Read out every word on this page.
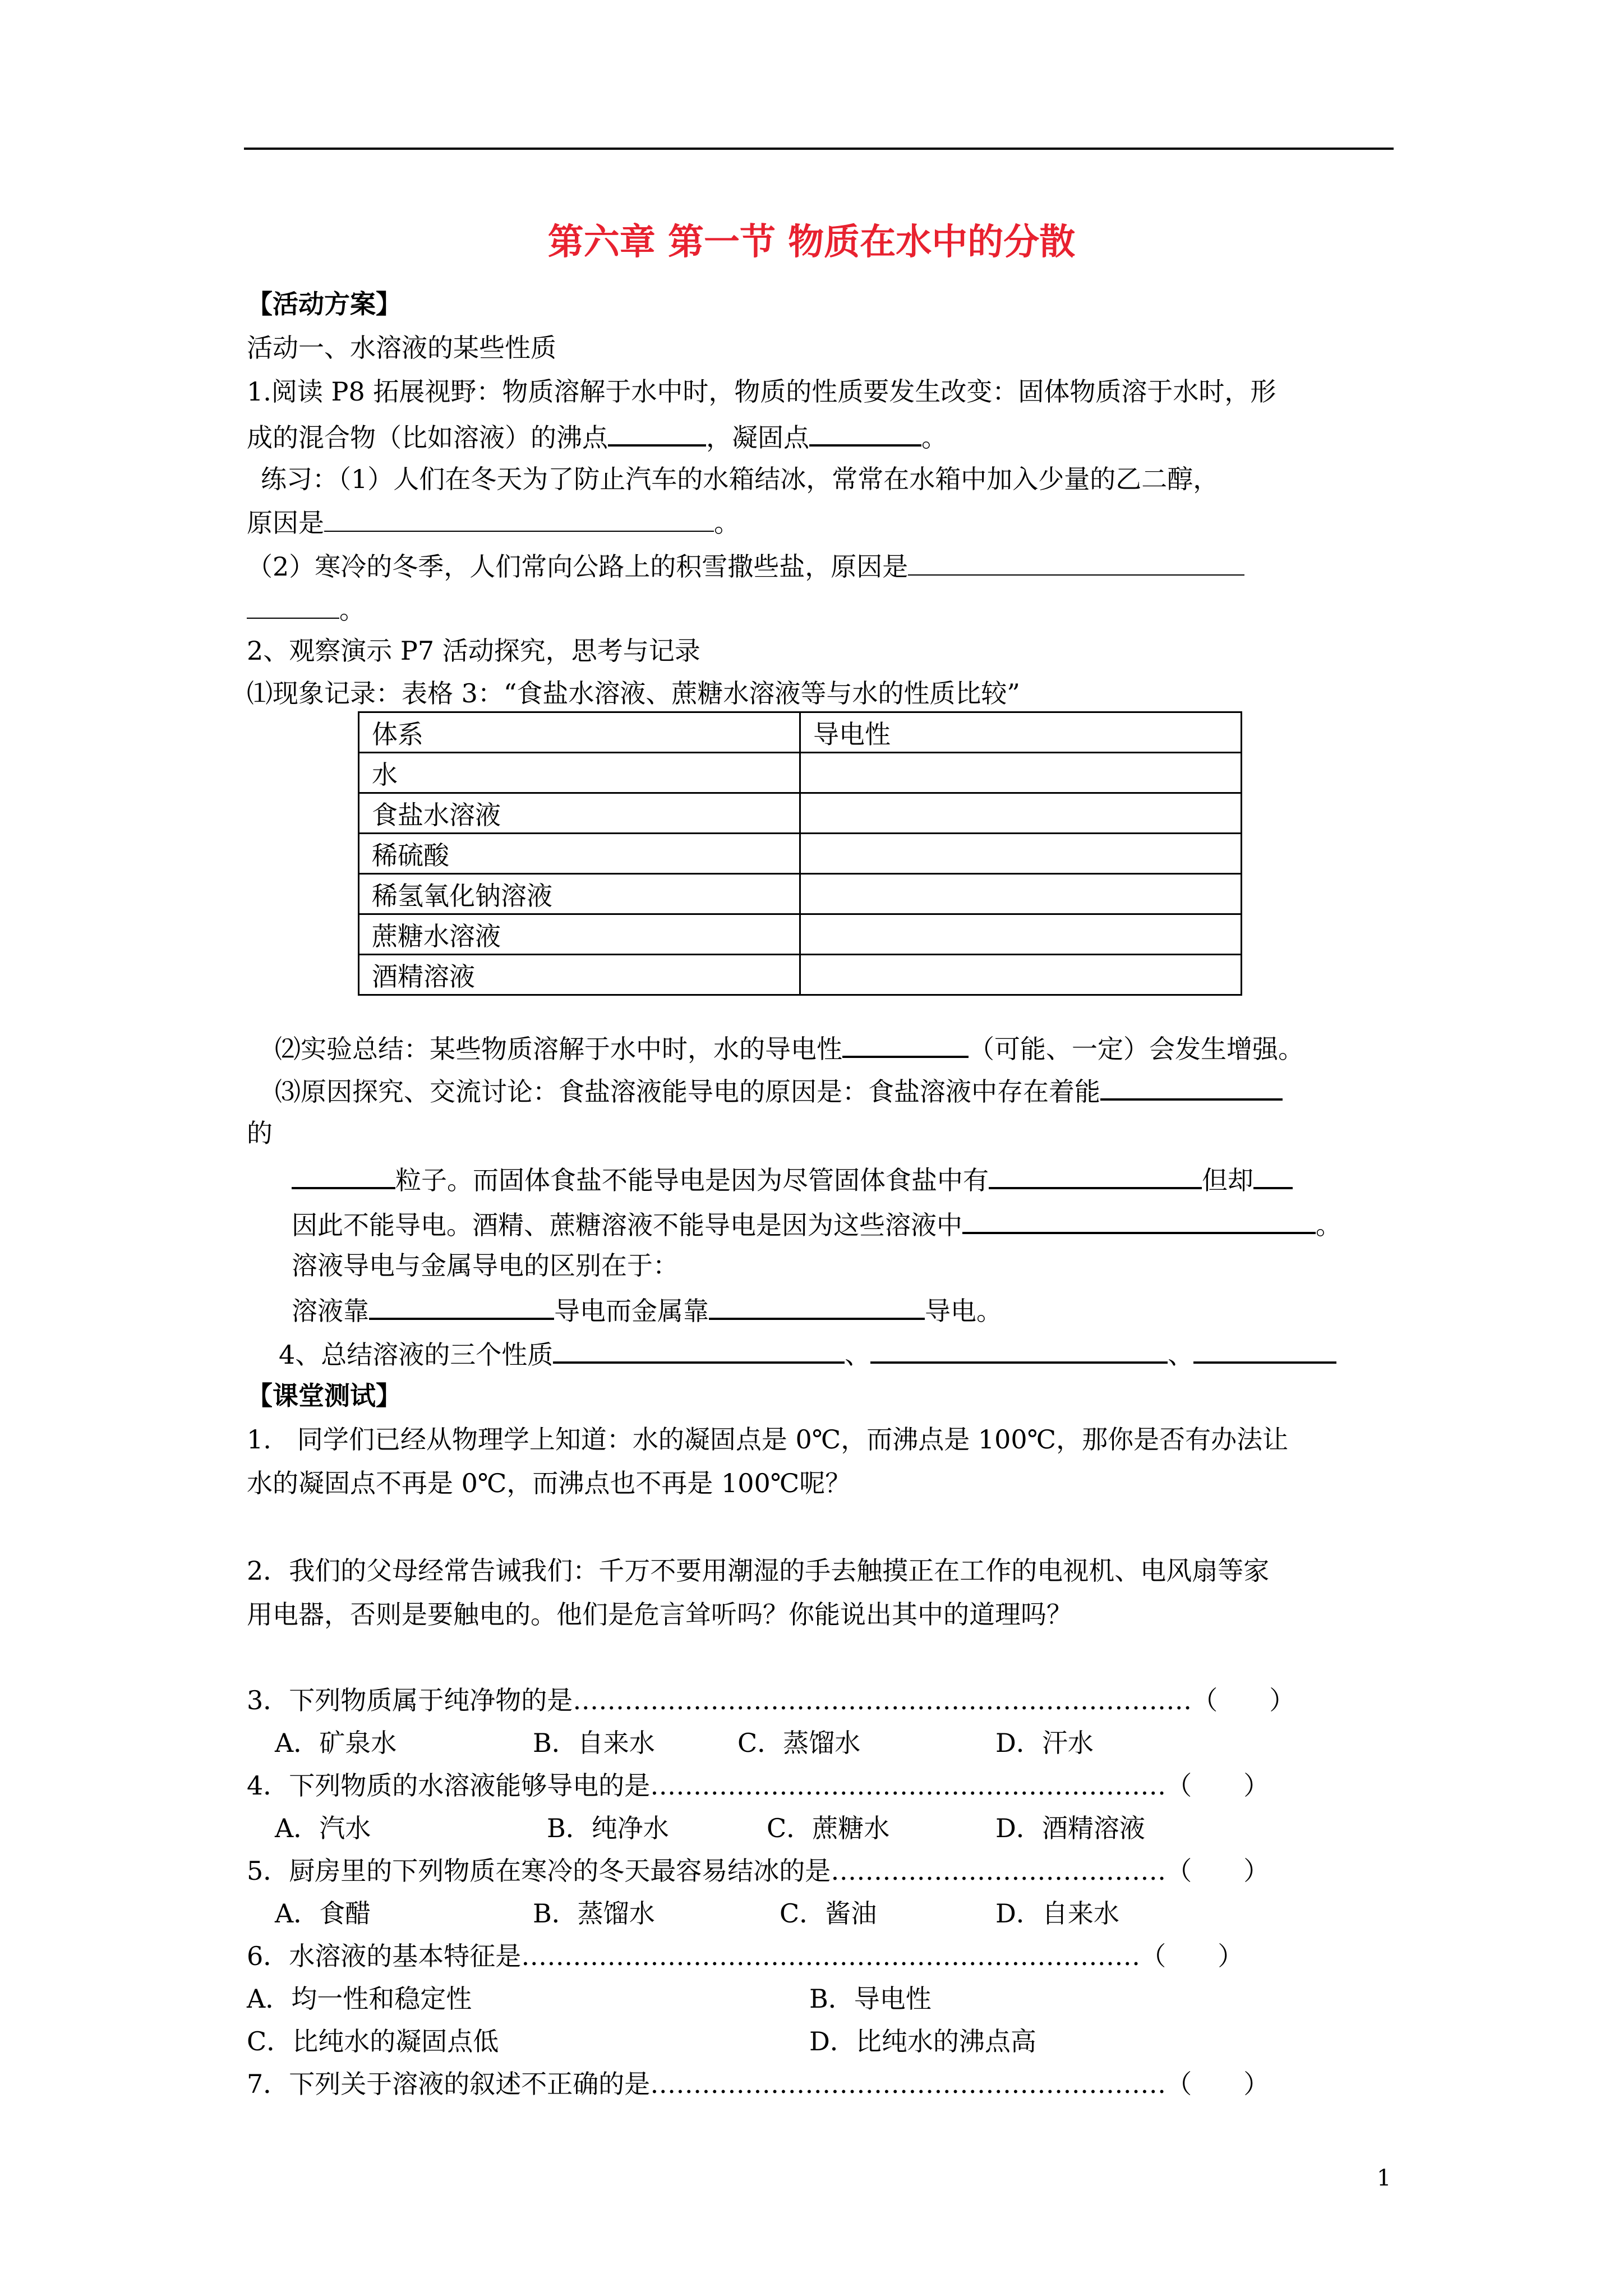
第六章 第一节 物质在水中的分散
【活动方案】
活动一、水溶液的某些性质
1.阅读 P8 拓展视野：物质溶解于水中时，物质的性质要发生改变：固体物质溶于水时，形
成的混合物（比如溶液）的沸点	，凝固点	。
练习：（1）人们在冬天为了防止汽车的水箱结冰，常常在水箱中加入少量的乙二醇，
原因是	。
（2）寒冷的冬季，人们常向公路上的积雪撒些盐，原因是
。
2、观察演示 P7 活动探究，思考与记录
⑴现象记录：表格 3：“食盐水溶液、蔗糖水溶液等与水的性质比较”
体系	导电性
水	
食盐水溶液	
稀硫酸	
稀氢氧化钠溶液	
蔗糖水溶液	
酒精溶液	
⑵实验总结：某些物质溶解于水中时，水的导电性	（可能、一定）会发生增强。
⑶原因探究、交流讨论：食盐溶液能导电的原因是：食盐溶液中存在着能
的
粒子。而固体食盐不能导电是因为尽管固体食盐中有	但却
因此不能导电。酒精、蔗糖溶液不能导电是因为这些溶液中	。
溶液导电与金属导电的区别在于：
溶液靠	导电而金属靠	导电。
4、总结溶液的三个性质	、	、
【课堂测试】
1.　同学们已经从物理学上知道：水的凝固点是 0℃，而沸点是 100℃，那你是否有办法让
水的凝固点不再是 0℃，而沸点也不再是 100℃呢？
2．我们的父母经常告诫我们：千万不要用潮湿的手去触摸正在工作的电视机、电风扇等家
用电器，否则是要触电的。他们是危言耸听吗？你能说出其中的道理吗？
3．下列物质属于纯净物的是………………………………………………………………（　　）
A．矿泉水	B．自来水	C．蒸馏水	D．汗水
4．下列物质的水溶液能够导电的是……………………………………………………（　　）
A．汽水	B．纯净水	C．蔗糖水	D．酒精溶液
5．厨房里的下列物质在寒冷的冬天最容易结冰的是…………………………………（　　）
A．食醋	B．蒸馏水	C．酱油	D．自来水
6．水溶液的基本特征是………………………………………………………………（　　）
A．均一性和稳定性	B．导电性
C．比纯水的凝固点低	D．比纯水的沸点高
7．下列关于溶液的叙述不正确的是……………………………………………………（　　）
1
